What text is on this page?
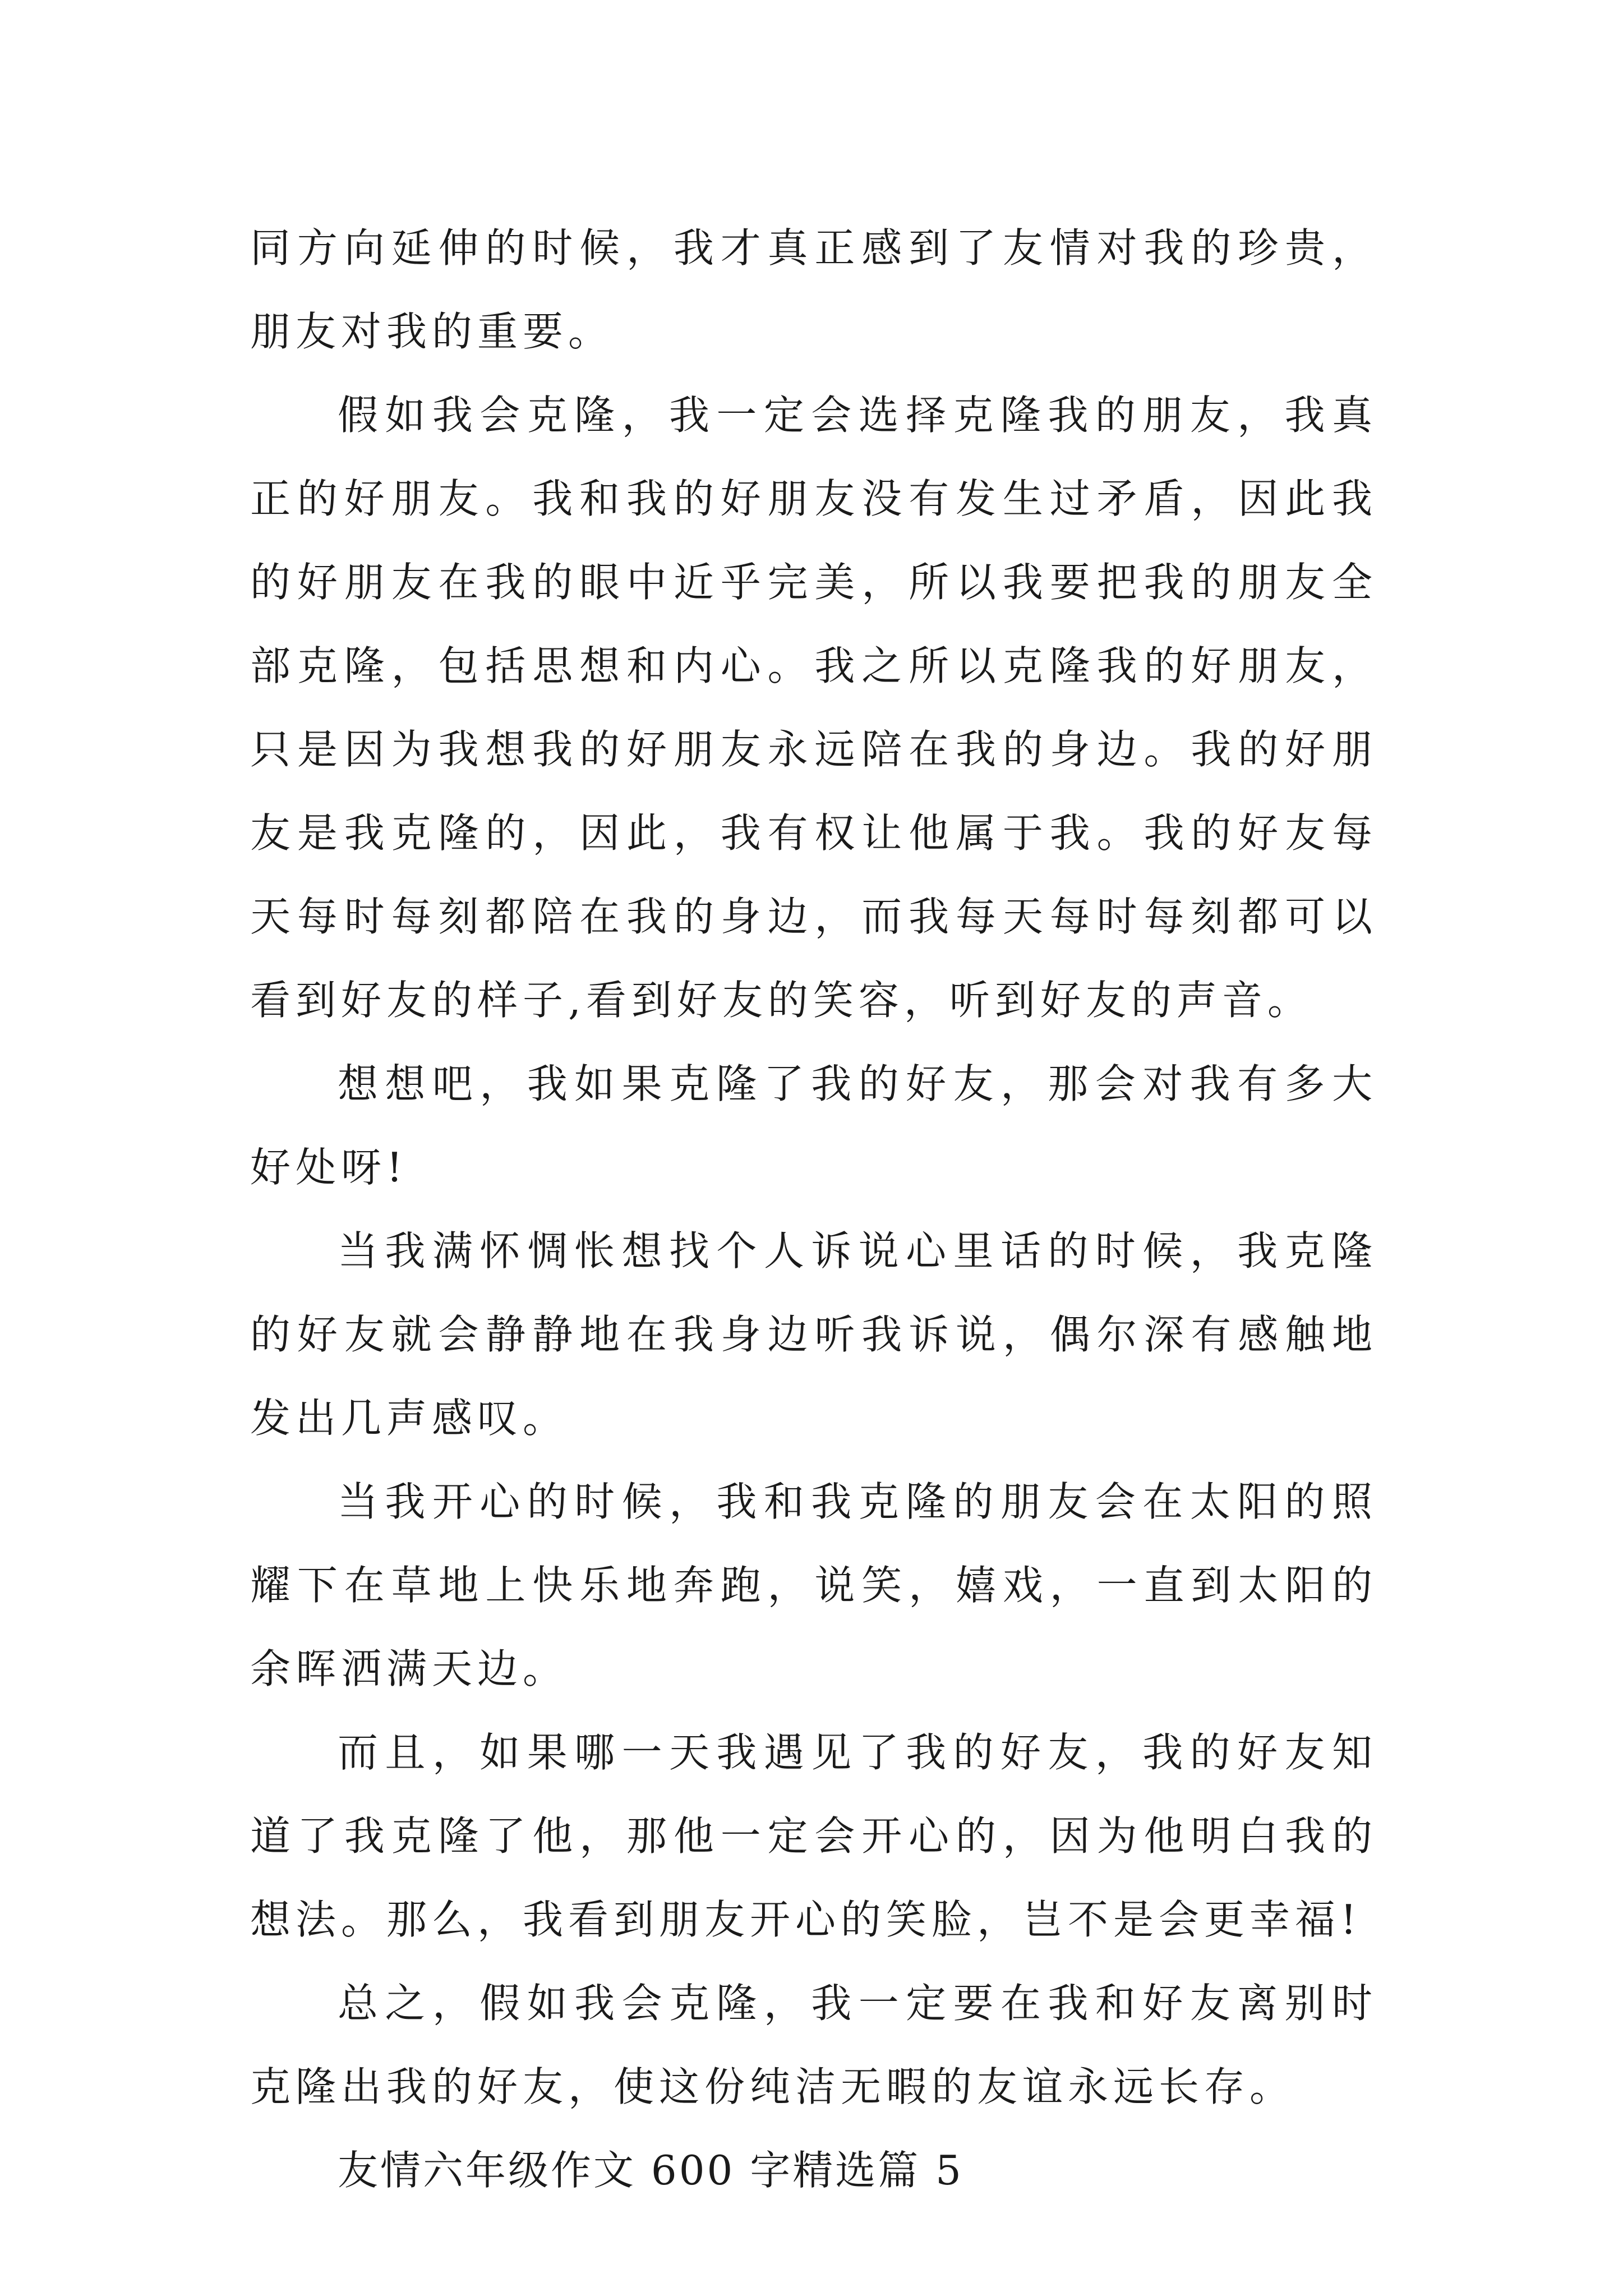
同方向延伸的时候，我才真正感到了友情对我的珍贵，朋友对我的重要。

假如我会克隆，我一定会选择克隆我的朋友，我真正的好朋友。我和我的好朋友没有发生过矛盾，因此我的好朋友在我的眼中近乎完美，所以我要把我的朋友全部克隆，包括思想和内心。我之所以克隆我的好朋友，只是因为我想我的好朋友永远陪在我的身边。我的好朋友是我克隆的，因此，我有权让他属于我。我的好友每天每时每刻都陪在我的身边，而我每天每时每刻都可以看到好友的样子,看到好友的笑容，听到好友的声音。

想想吧，我如果克隆了我的好友，那会对我有多大好处呀!

当我满怀惆怅想找个人诉说心里话的时候，我克隆的好友就会静静地在我身边听我诉说，偶尔深有感触地发出几声感叹。

当我开心的时候，我和我克隆的朋友会在太阳的照耀下在草地上快乐地奔跑，说笑，嬉戏，一直到太阳的余晖洒满天边。

而且，如果哪一天我遇见了我的好友，我的好友知道了我克隆了他，那他一定会开心的，因为他明白我的想法。那么，我看到朋友开心的笑脸，岂不是会更幸福!

总之，假如我会克隆，我一定要在我和好友离别时克隆出我的好友，使这份纯洁无暇的友谊永远长存。

友情六年级作文 600 字精选篇 5
